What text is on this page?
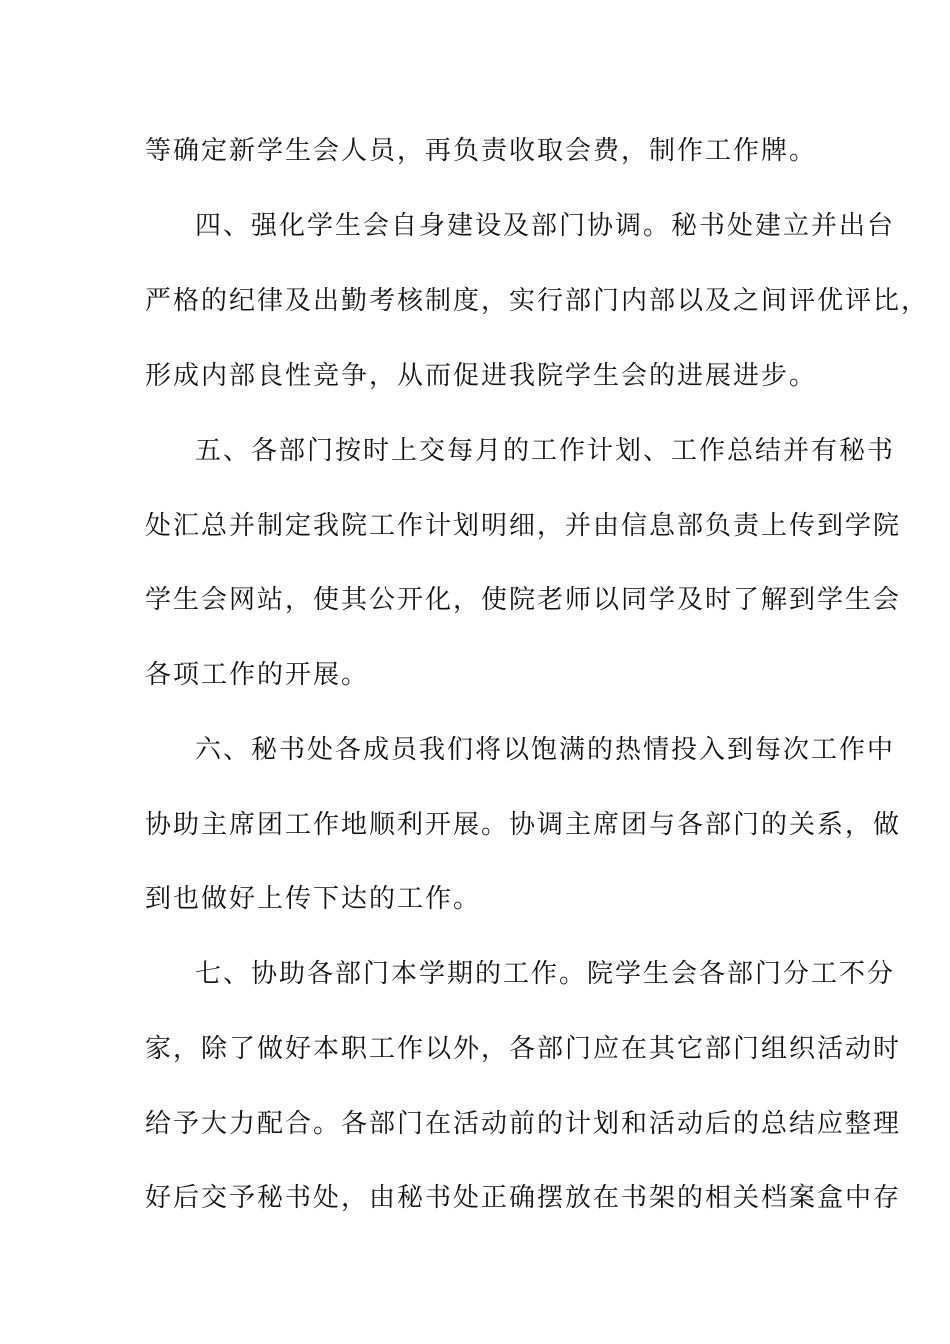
等确定新学生会人员，再负责收取会费，制作工作牌。
四、强化学生会自身建设及部门协调。秘书处建立并出台
严格的纪律及出勤考核制度，实行部门内部以及之间评优评比，
形成内部良性竞争，从而促进我院学生会的进展进步。
五、各部门按时上交每月的工作计划、工作总结并有秘书
处汇总并制定我院工作计划明细，并由信息部负责上传到学院
学生会网站，使其公开化，使院老师以同学及时了解到学生会
各项工作的开展。
六、秘书处各成员我们将以饱满的热情投入到每次工作中
协助主席团工作地顺利开展。协调主席团与各部门的关系，做
到也做好上传下达的工作。
七、协助各部门本学期的工作。院学生会各部门分工不分
家，除了做好本职工作以外，各部门应在其它部门组织活动时
给予大力配合。各部门在活动前的计划和活动后的总结应整理
好后交予秘书处，由秘书处正确摆放在书架的相关档案盒中存
